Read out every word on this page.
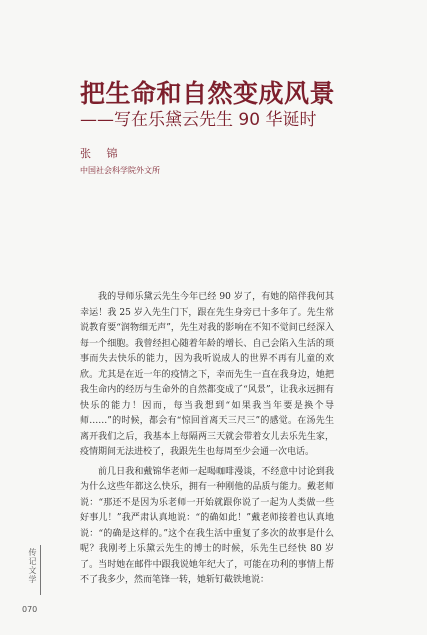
把生命和自然变成风景
——写在乐黛云先生 90 华诞时
张 锦
中国社会科学院外文所

我的导师乐黛云先生今年已经 90 岁了，有她的陪伴我何其幸运！我 25 岁入先生门下，跟在先生身旁已十多年了。先生常说教育要“润物细无声”，先生对我的影响在不知不觉间已经深入每一个细胞。我曾经担心随着年龄的增长、自己会陷入生活的琐事而失去快乐的能力，因为我听说成人的世界不再有儿童的欢欣。尤其是在近一年的疫情之下，幸而先生一直在我身边，她把我生命内的经历与生命外的自然都变成了“风景”，让我永远拥有快乐的能力！因而，每当我想到“如果我当年要是换个导师……”的时候，都会有“惊回首离天三尺三”的感觉。在汤先生离开我们之后，我基本上每隔两三天就会带着女儿去乐先生家，疫情期间无法进校了，我跟先生也每周至少会通一次电话。

前几日我和戴锦华老师一起喝咖啡漫谈，不经意中讨论到我为什么这些年都这么快乐，拥有一种刚他的品质与能力。戴老师说：“那还不是因为乐老师一开始就跟你说了一起为人类做一些好事儿！”我严肃认真地说：“的确如此！”戴老师接着也认真地说：“的确是这样的。”这个在我生活中重复了多次的故事是什么呢？我刚考上乐黛云先生的博士的时候，乐先生已经快 80 岁了。当时她在邮件中跟我说她年纪大了，可能在功利的事情上帮不了我多少，然而笔锋一转，她斩钉截铁地说：

传记文学
070
